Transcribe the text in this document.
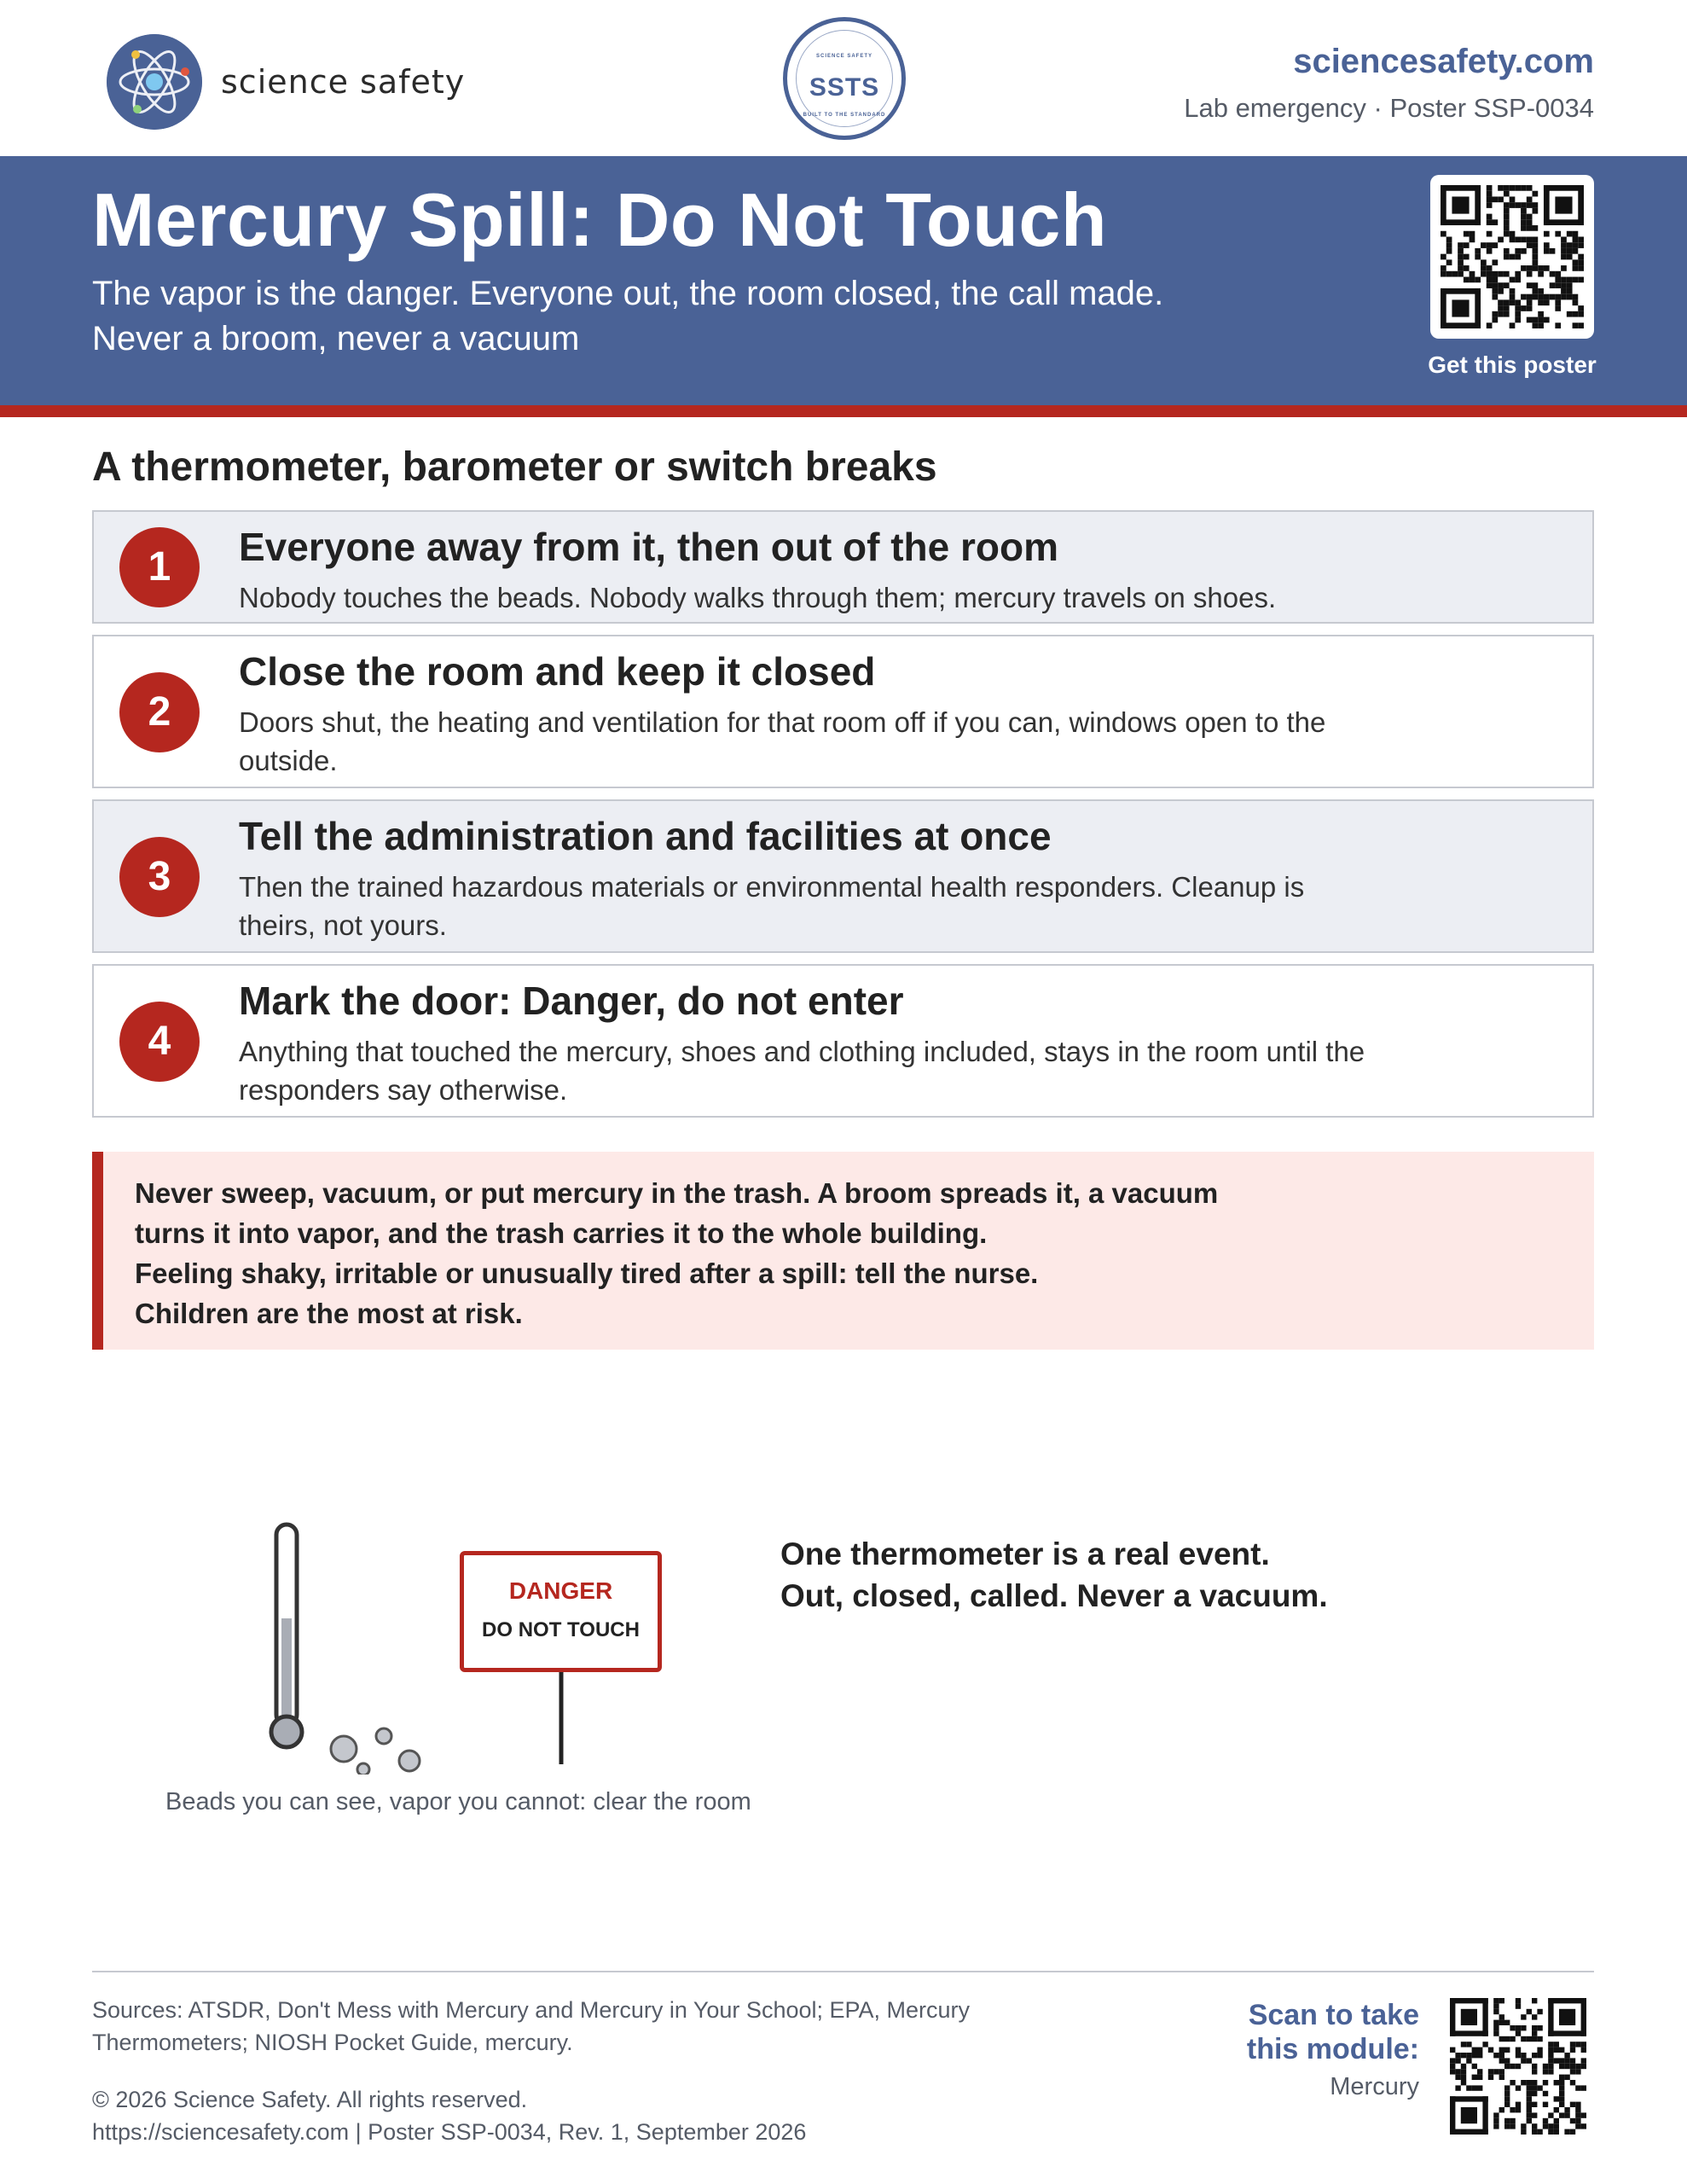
science safety
SCIENCE SAFETY
SSTS
BUILT TO THE STANDARD
sciencesafety.com
Lab emergency · Poster SSP-0034
Mercury Spill: Do Not Touch
The vapor is the danger. Everyone out, the room closed, the call made. Never a broom, never a vacuum
Get this poster
A thermometer, barometer or switch breaks
1	Everyone away from it, then out of the room
Nobody touches the beads. Nobody walks through them; mercury travels on shoes.
2
Close the room and keep it closed
Doors shut, the heating and ventilation for that room off if you can, windows open to the outside.
3
Tell the administration and facilities at once
Then the trained hazardous materials or environmental health responders. Cleanup is theirs, not yours.
4
Mark the door: Danger, do not enter
Anything that touched the mercury, shoes and clothing included, stays in the room until the responders say otherwise.
Never sweep, vacuum, or put mercury in the trash. A broom spreads it, a vacuum
turns it into vapor, and the trash carries it to the whole building.
Feeling shaky, irritable or unusually tired after a spill: tell the nurse.
Children are the most at risk.
DANGER
DO NOT TOUCH
Beads you can see, vapor you cannot: clear the room
One thermometer is a real event.
Out, closed, called. Never a vacuum.
Sources: ATSDR, Don't Mess with Mercury and Mercury in Your School; EPA, Mercury Thermometers; NIOSH Pocket Guide, mercury.
© 2026 Science Safety. All rights reserved.
https://sciencesafety.com | Poster SSP-0034, Rev. 1, September 2026
Scan to take
this module:
Mercury
